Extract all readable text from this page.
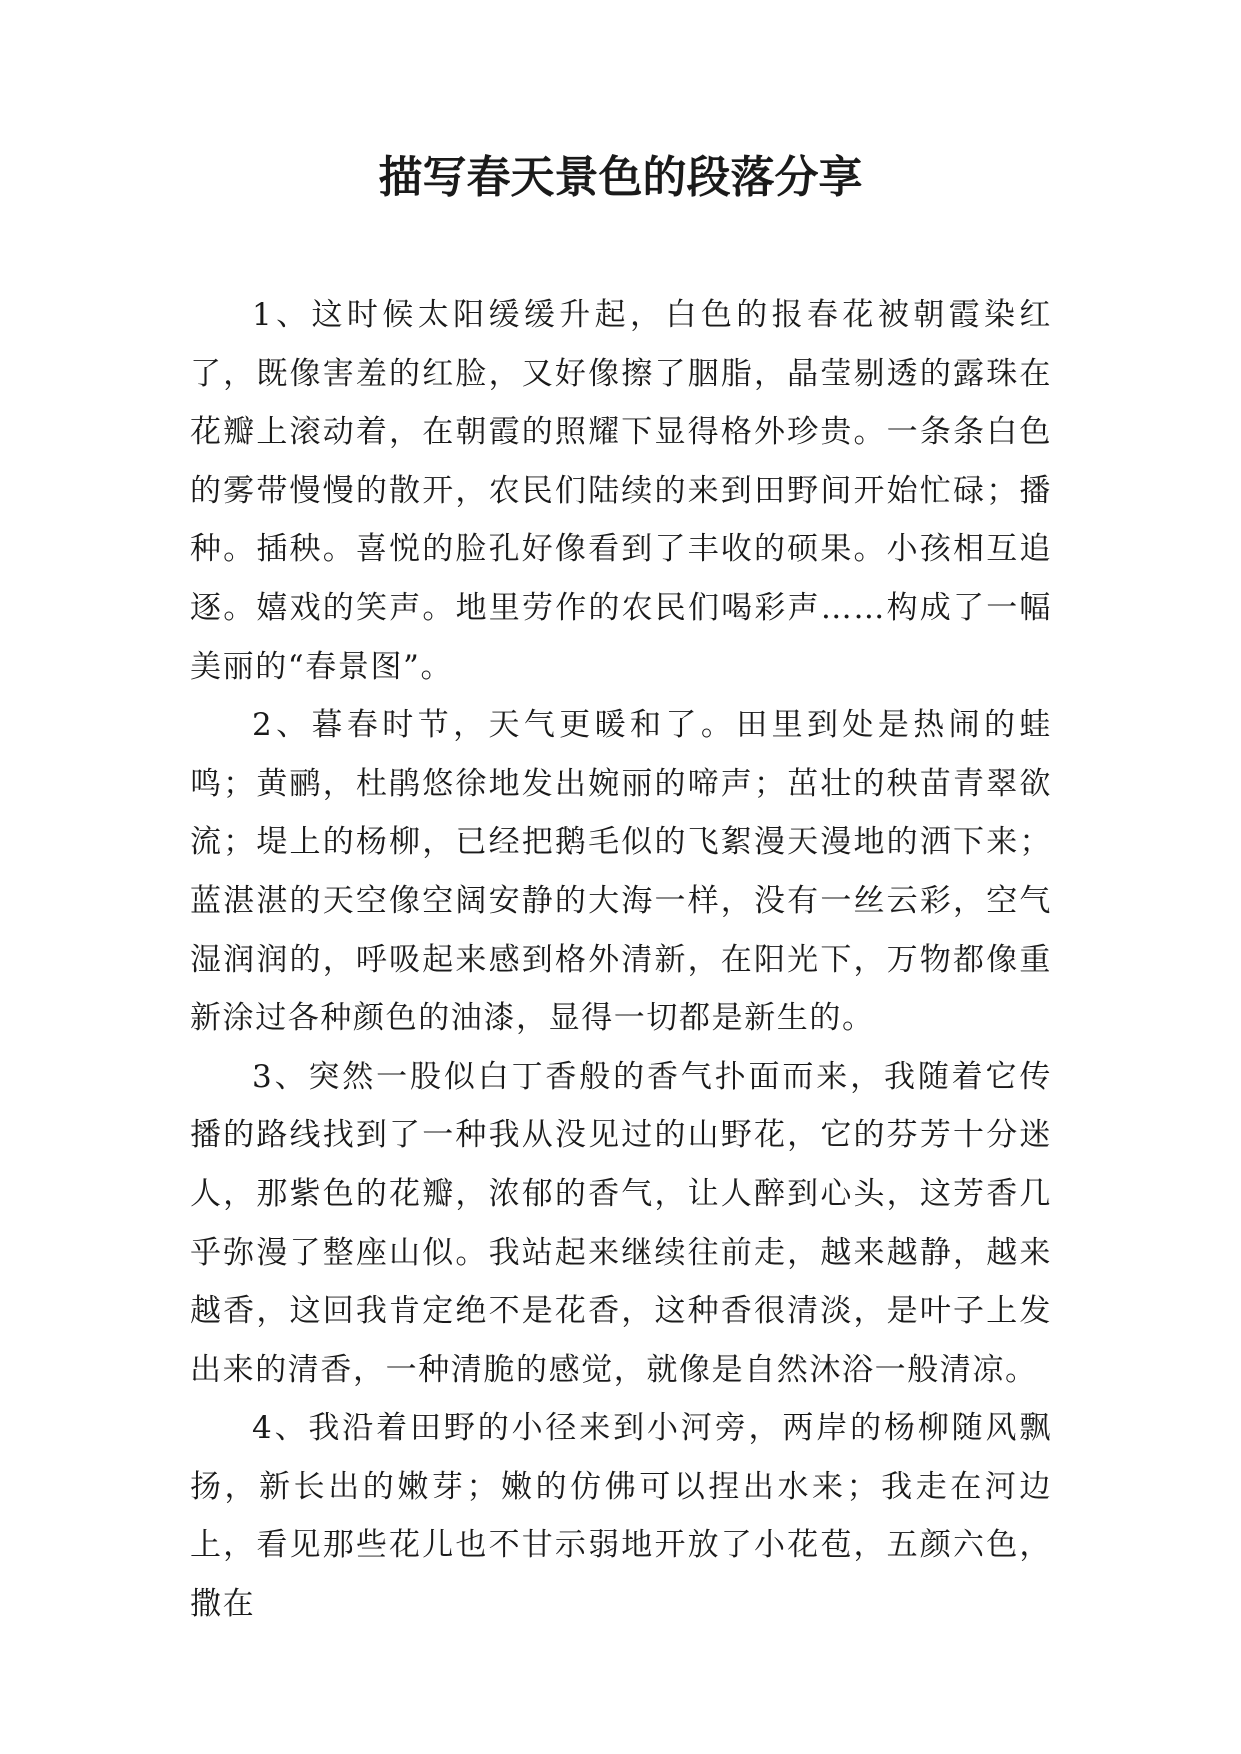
描写春天景色的段落分享

1、这时候太阳缓缓升起，白色的报春花被朝霞染红了，既像害羞的红脸，又好像擦了胭脂，晶莹剔透的露珠在花瓣上滚动着，在朝霞的照耀下显得格外珍贵。一条条白色的雾带慢慢的散开，农民们陆续的来到田野间开始忙碌；播种。插秧。喜悦的脸孔好像看到了丰收的硕果。小孩相互追逐。嬉戏的笑声。地里劳作的农民们喝彩声……构成了一幅美丽的“春景图”。

2、暮春时节，天气更暖和了。田里到处是热闹的蛙鸣；黄鹂，杜鹃悠徐地发出婉丽的啼声；茁壮的秧苗青翠欲流；堤上的杨柳，已经把鹅毛似的飞絮漫天漫地的洒下来；蓝湛湛的天空像空阔安静的大海一样，没有一丝云彩，空气湿润润的，呼吸起来感到格外清新，在阳光下，万物都像重新涂过各种颜色的油漆，显得一切都是新生的。

3、突然一股似白丁香般的香气扑面而来，我随着它传播的路线找到了一种我从没见过的山野花，它的芬芳十分迷人，那紫色的花瓣，浓郁的香气，让人醉到心头，这芳香几乎弥漫了整座山似。我站起来继续往前走，越来越静，越来越香，这回我肯定绝不是花香，这种香很清淡，是叶子上发出来的清香，一种清脆的感觉，就像是自然沐浴一般清凉。

4、我沿着田野的小径来到小河旁，两岸的杨柳随风飘扬，新长出的嫩芽；嫩的仿佛可以捏出水来；我走在河边上，看见那些花儿也不甘示弱地开放了小花苞，五颜六色，撒在
